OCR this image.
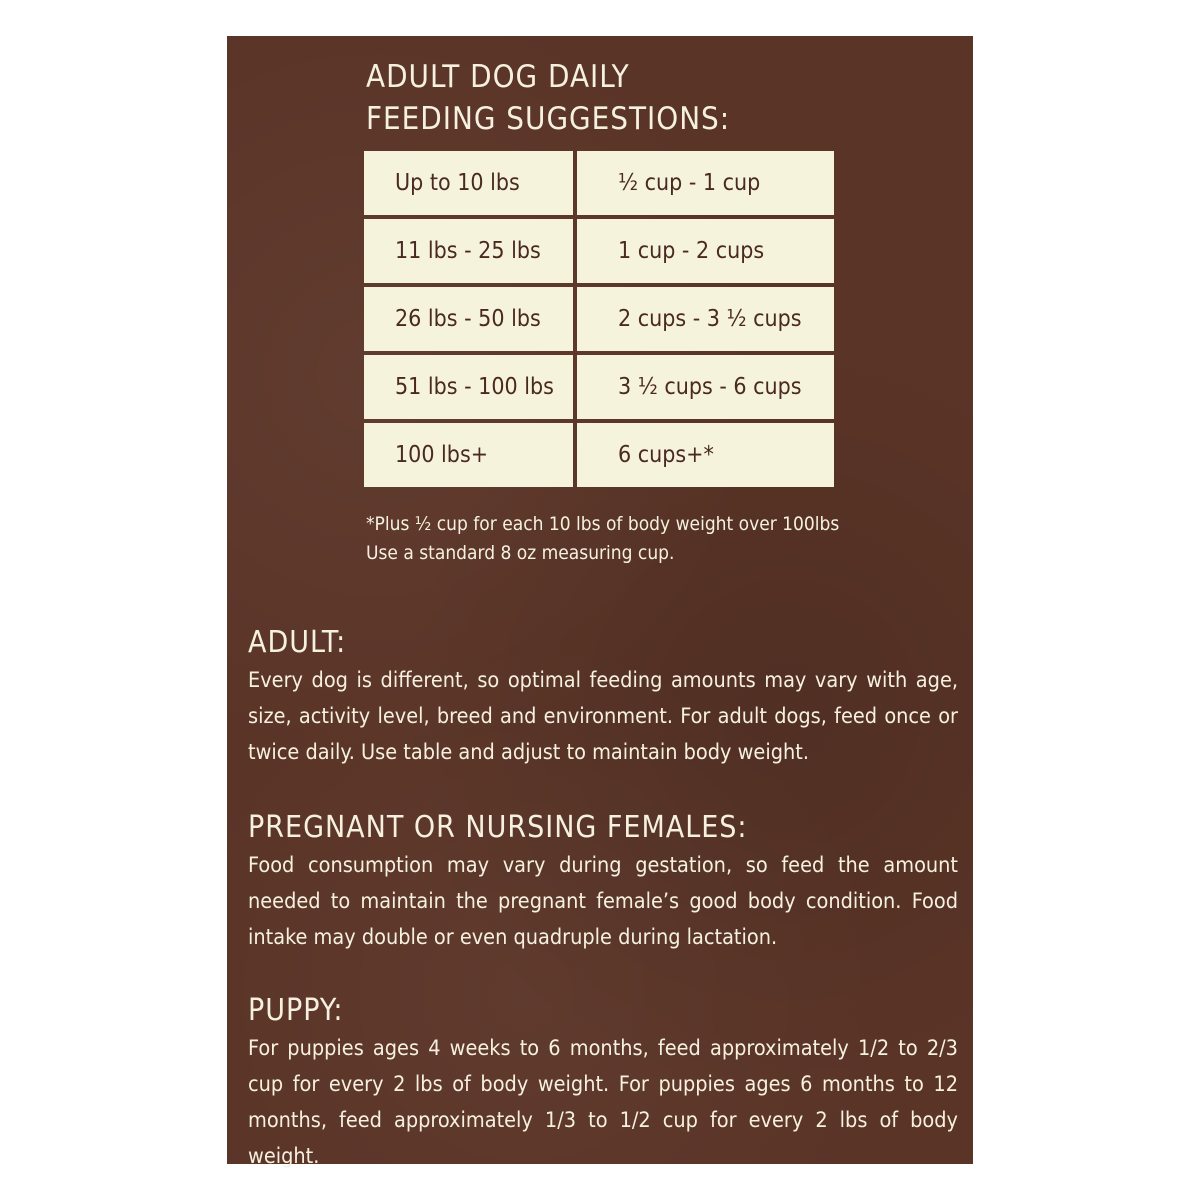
ADULT DOG DAILY
FEEDING SUGGESTIONS:
Up to 10 lbs	½ cup - 1 cup
11 lbs - 25 lbs	1 cup - 2 cups
26 lbs - 50 lbs	2 cups - 3 ½ cups
51 lbs - 100 lbs	3 ½ cups - 6 cups
100 lbs+	6 cups+*
*Plus ½ cup for each 10 lbs of body weight over 100lbs
Use a standard 8 oz measuring cup.
ADULT:

Every dog is different, so optimal feeding amounts may vary with age, size, activity level, breed and environment. For adult dogs, feed once or twice daily. Use table and adjust to maintain body weight.

PREGNANT OR NURSING FEMALES:

Food consumption may vary during gestation, so feed the amount needed to maintain the pregnant female’s good body condition. Food intake may double or even quadruple during lactation.

PUPPY:

For puppies ages 4 weeks to 6 months, feed approximately 1/2 to 2/3 cup for every 2 lbs of body weight. For puppies ages 6 months to 12 months, feed approximately 1/3 to 1/2 cup for every 2 lbs of body weight.
